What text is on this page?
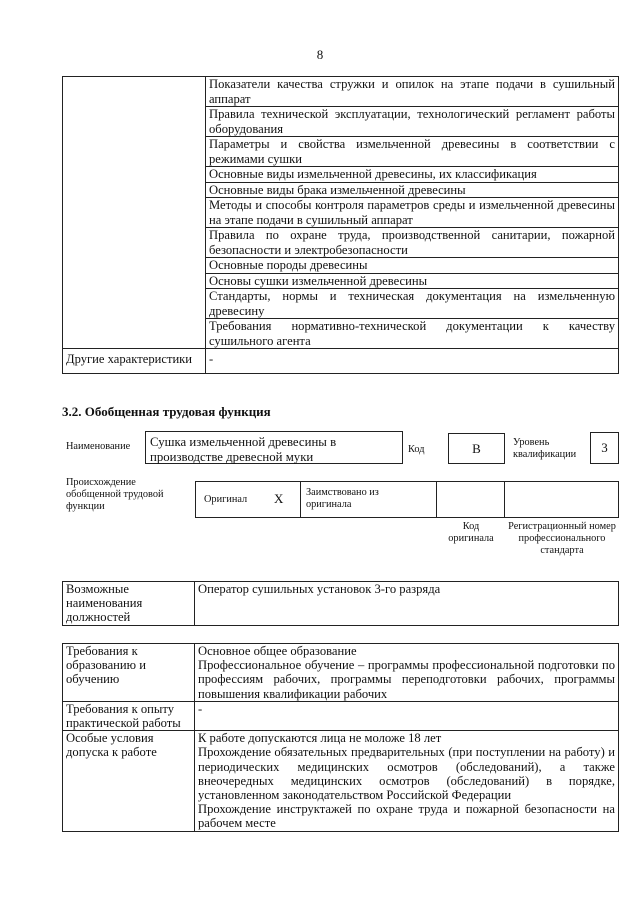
8
	Показатели качества стружки и опилок на этапе подачи в сушильный аппарат
	Правила технической эксплуатации, технологический регламент работы оборудования
	Параметры и свойства измельченной древесины в соответствии с режимами сушки
	Основные виды измельченной древесины, их классификация
	Основные виды брака измельченной древесины
	Методы и способы контроля параметров среды и измельченной древесины на этапе подачи в сушильный аппарат
	Правила по охране труда, производственной санитарии, пожарной безопасности и электробезопасности
	Основные породы древесины
	Основы сушки измельченной древесины
	Стандарты, нормы и техническая документация на измельченную древесину
	Требования нормативно-технической документации к качеству сушильного агента
Другие характеристики	-
3.2. Обобщенная трудовая функция
Наименование	Сушка измельченной древесины в производстве древесной муки	Код	В	Уровень квалификации	3
Происхождение обобщенной трудовой функции
Оригинал X Заимствовано из оригинала
Код оригинала
Регистрационный номер профессионального стандарта
Возможные наименования должностей	Оператор сушильных установок 3-го разряда
Требования к образованию и обучению	Основное общее образование
Профессиональное обучение – программы профессиональной подготовки по профессиям рабочих, программы переподготовки рабочих, программы повышения квалификации рабочих

Требования к опыту практической работы	-
Особые условия допуска к работе	К работе допускаются лица не моложе 18 лет
Прохождение обязательных предварительных (при поступлении на работу) и периодических медицинских осмотров (обследований), а также внеочередных медицинских осмотров (обследований) в порядке, установленном законодательством Российской Федерации
Прохождение инструктажей по охране труда и пожарной безопасности на рабочем месте
